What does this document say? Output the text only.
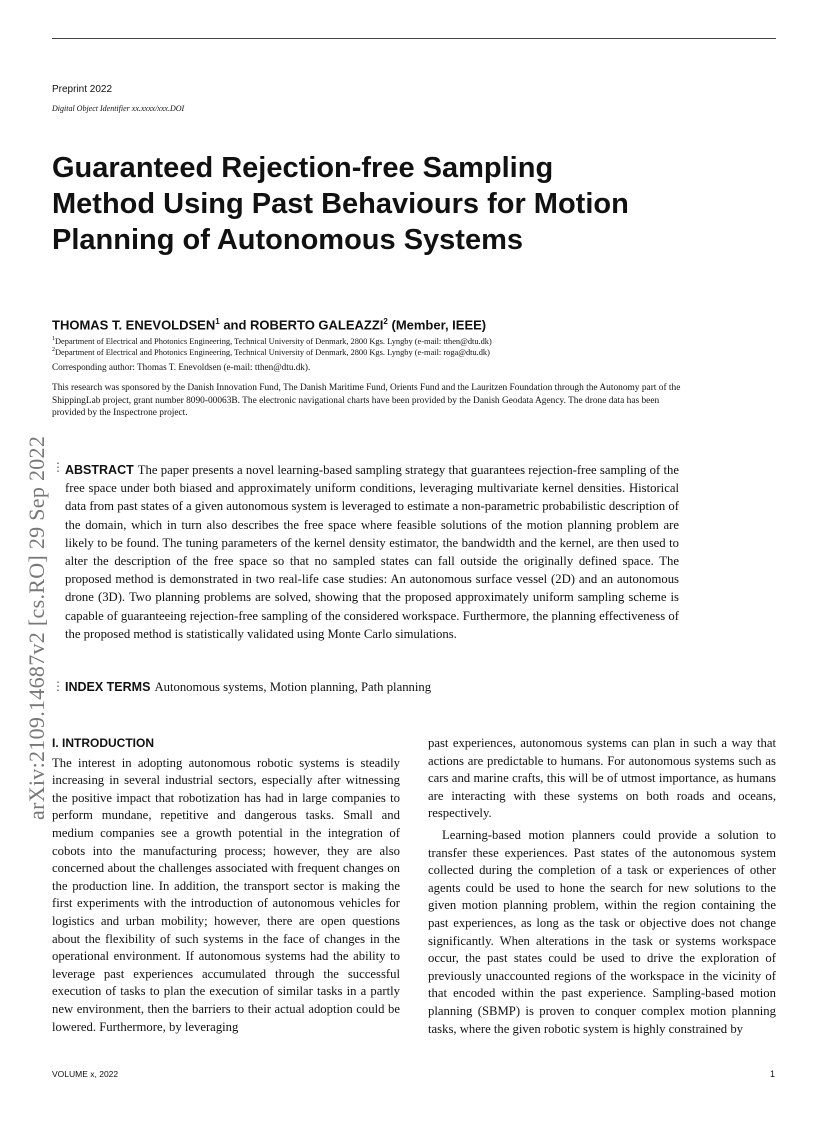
Preprint 2022
Digital Object Identifier xx.xxxx/xxx.DOI
Guaranteed Rejection-free Sampling Method Using Past Behaviours for Motion Planning of Autonomous Systems
THOMAS T. ENEVOLDSEN$^1$ and ROBERTO GALEAZZI$^2$ (Member, IEEE)
$^1$Department of Electrical and Photonics Engineering, Technical University of Denmark, 2800 Kgs. Lyngby (e-mail: tthen@dtu.dk)
$^2$Department of Electrical and Photonics Engineering, Technical University of Denmark, 2800 Kgs. Lyngby (e-mail: roga@dtu.dk)
Corresponding author: Thomas T. Enevoldsen (e-mail: tthen@dtu.dk).
This research was sponsored by the Danish Innovation Fund, The Danish Maritime Fund, Orients Fund and the Lauritzen Foundation through the Autonomy part of the ShippingLab project, grant number 8090-00063B. The electronic navigational charts have been provided by the Danish Geodata Agency. The drone data has been provided by the Inspectrone project.
⋮ ABSTRACT The paper presents a novel learning-based sampling strategy that guarantees rejection-free sampling of the free space under both biased and approximately uniform conditions, leveraging multivariate kernel densities. Historical data from past states of a given autonomous system is leveraged to estimate a non-parametric probabilistic description of the domain, which in turn also describes the free space where feasible solutions of the motion planning problem are likely to be found. The tuning parameters of the kernel density estimator, the bandwidth and the kernel, are then used to alter the description of the free space so that no sampled states can fall outside the originally defined space. The proposed method is demonstrated in two real-life case studies: An autonomous surface vessel (2D) and an autonomous drone (3D). Two planning problems are solved, showing that the proposed approximately uniform sampling scheme is capable of guaranteeing rejection-free sampling of the considered workspace. Furthermore, the planning effectiveness of the proposed method is statistically validated using Monte Carlo simulations.

⋮ INDEX TERMS Autonomous systems, Motion planning, Path planning
arXiv:2109.14687v2 [cs.RO] 29 Sep 2022 I. INTRODUCTION

The interest in adopting autonomous robotic systems is steadily increasing in several industrial sectors, especially after witnessing the positive impact that robotization has had in large companies to perform mundane, repetitive and dangerous tasks. Small and medium companies see a growth potential in the integration of cobots into the manufacturing process; however, they are also concerned about the challenges associated with frequent changes on the production line. In addition, the transport sector is making the first experiments with the introduction of autonomous vehicles for logistics and urban mobility; however, there are open questions about the flexibility of such systems in the face of changes in the operational environment. If autonomous systems had the ability to leverage past experiences accumulated through the successful execution of tasks to plan the execution of similar tasks in a partly new environment, then the barriers to their actual adoption could be lowered. Furthermore, by leveraging

past experiences, autonomous systems can plan in such a way that actions are predictable to humans. For autonomous systems such as cars and marine crafts, this will be of utmost importance, as humans are interacting with these systems on both roads and oceans, respectively.

Learning-based motion planners could provide a solution to transfer these experiences. Past states of the autonomous system collected during the completion of a task or experiences of other agents could be used to hone the search for new solutions to the given motion planning problem, within the region containing the past experiences, as long as the task or objective does not change significantly. When alterations in the task or systems workspace occur, the past states could be used to drive the exploration of previously unaccounted regions of the workspace in the vicinity of that encoded within the past experience. Sampling-based motion planning (SBMP) is proven to conquer complex motion planning tasks, where the given robotic system is highly constrained by

VOLUME x, 2022	1
